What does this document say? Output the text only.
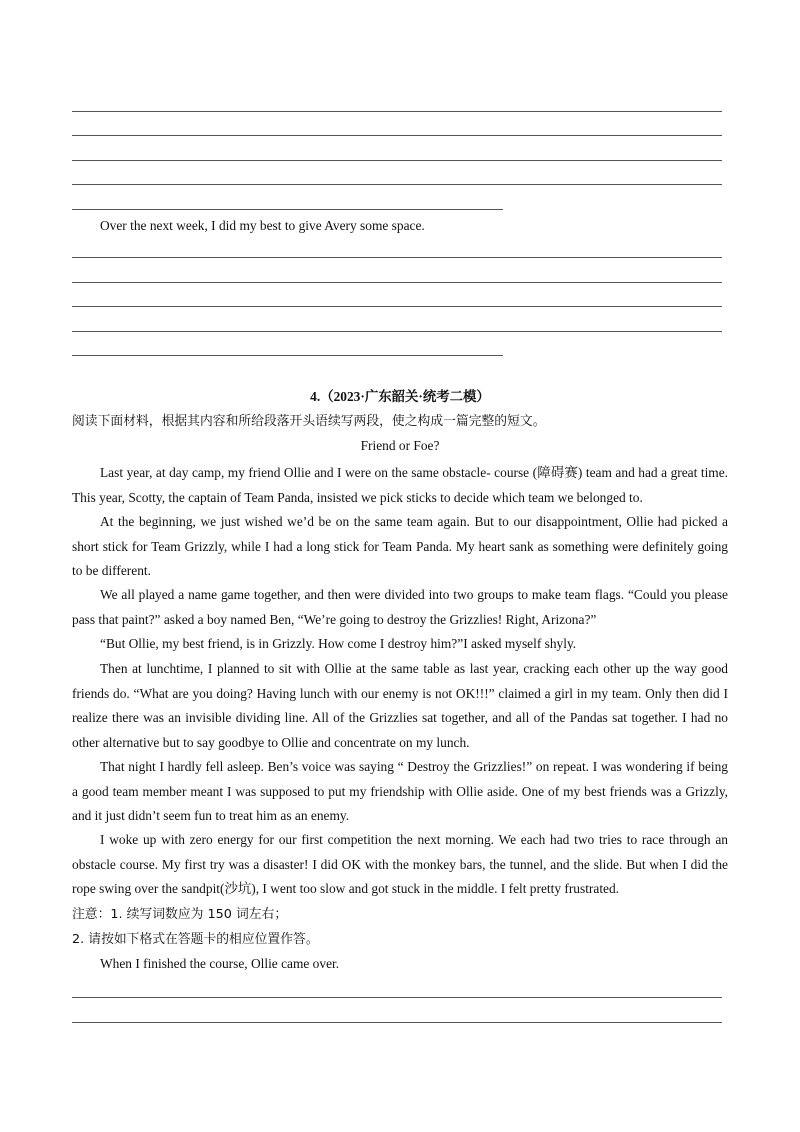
Over the next week, I did my best to give Avery some space.
4.（2023·广东韶关·统考二模）
阅读下面材料，根据其内容和所给段落开头语续写两段，使之构成一篇完整的短文。
Friend or Foe?
Last year, at day camp, my friend Ollie and I were on the same obstacle- course (障碍赛) team and had a great time. This year, Scotty, the captain of Team Panda, insisted we pick sticks to decide which team we belonged to.
At the beginning, we just wished we’d be on the same team again. But to our disappointment, Ollie had picked a short stick for Team Grizzly, while I had a long stick for Team Panda. My heart sank as something were definitely going to be different.
We all played a name game together, and then were divided into two groups to make team flags. “Could you please pass that paint?” asked a boy named Ben, “We’re going to destroy the Grizzlies! Right, Arizona?”
“But Ollie, my best friend, is in Grizzly. How come I destroy him?”I asked myself shyly.
Then at lunchtime, I planned to sit with Ollie at the same table as last year, cracking each other up the way good friends do. “What are you doing? Having lunch with our enemy is not OK!!!” claimed a girl in my team. Only then did I realize there was an invisible dividing line. All of the Grizzlies sat together, and all of the Pandas sat together. I had no other alternative but to say goodbye to Ollie and concentrate on my lunch.
That night I hardly fell asleep. Ben’s voice was saying “ Destroy the Grizzlies!” on repeat. I was wondering if being a good team member meant I was supposed to put my friendship with Ollie aside. One of my best friends was a Grizzly, and it just didn’t seem fun to treat him as an enemy.
I woke up with zero energy for our first competition the next morning. We each had two tries to race through an obstacle course. My first try was a disaster! I did OK with the monkey bars, the tunnel, and the slide. But when I did the rope swing over the sandpit(沙坑), I went too slow and got stuck in the middle. I felt pretty frustrated.
注意：1. 续写词数应为 150 词左右；
2. 请按如下格式在答题卡的相应位置作答。
When I finished the course, Ollie came over.
